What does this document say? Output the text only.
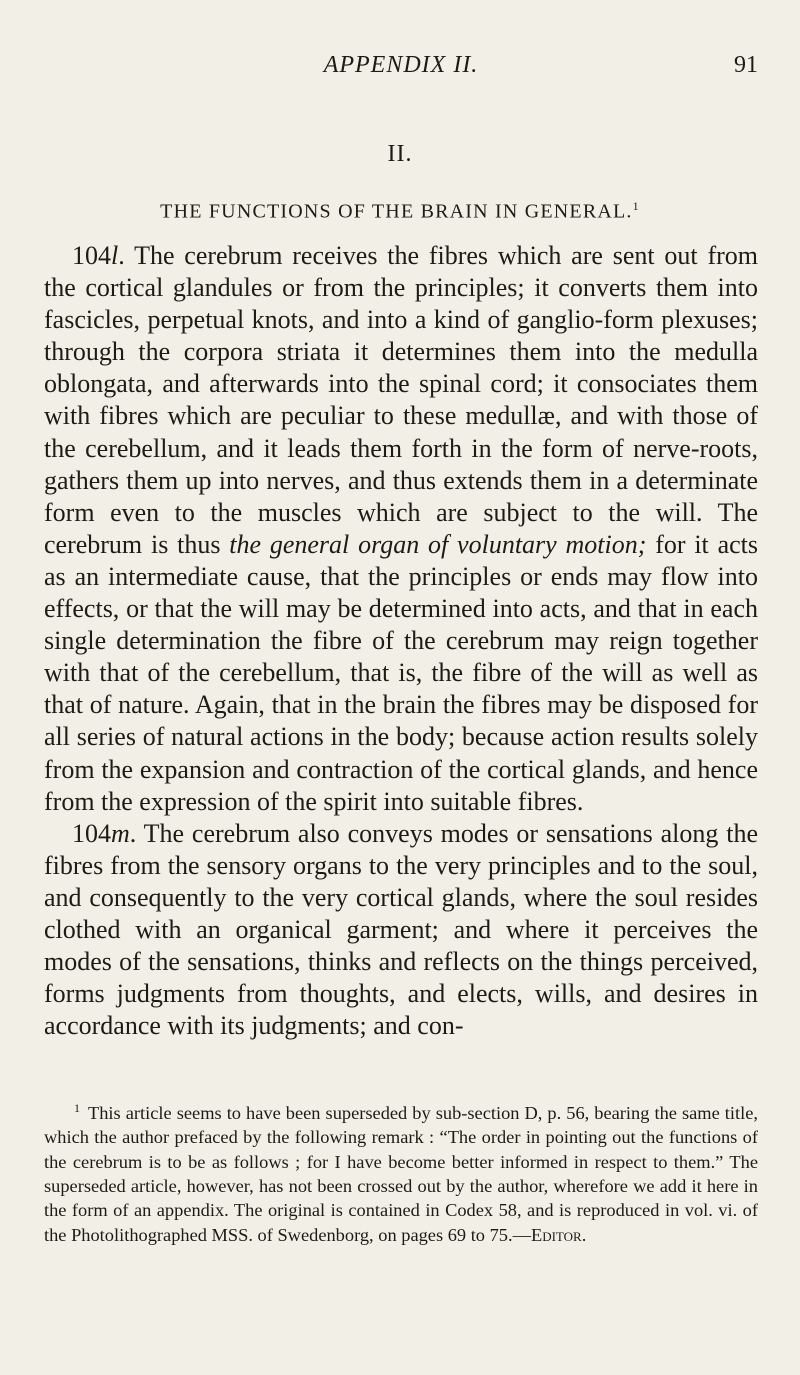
APPENDIX II.	91
II.
THE FUNCTIONS OF THE BRAIN IN GENERAL.$^1$

104l. The cerebrum receives the fibres which are sent out from the cortical glandules or from the principles; it converts them into fascicles, perpetual knots, and into a kind of ganglio-form plexuses; through the corpora striata it determines them into the medulla oblongata, and afterwards into the spinal cord; it consociates them with fibres which are peculiar to these medullæ, and with those of the cerebellum, and it leads them forth in the form of nerve-roots, gathers them up into nerves, and thus extends them in a determinate form even to the muscles which are subject to the will. The cerebrum is thus the general organ of voluntary motion; for it acts as an intermediate cause, that the principles or ends may flow into effects, or that the will may be determined into acts, and that in each single determination the fibre of the cerebrum may reign together with that of the cerebellum, that is, the fibre of the will as well as that of nature. Again, that in the brain the fibres may be disposed for all series of natural actions in the body; because action results solely from the expansion and contraction of the cortical glands, and hence from the expression of the spirit into suitable fibres.

104m. The cerebrum also conveys modes or sensations along the fibres from the sensory organs to the very principles and to the soul, and consequently to the very cortical glands, where the soul resides clothed with an organical garment; and where it perceives the modes of the sensations, thinks and reflects on the things perceived, forms judgments from thoughts, and elects, wills, and desires in accordance with its judgments; and con-

$^1$ This article seems to have been superseded by sub-section D, p. 56, bearing the same title, which the author prefaced by the following remark : “The order in pointing out the functions of the cerebrum is to be as follows ; for I have become better informed in respect to them.” The superseded article, however, has not been crossed out by the author, wherefore we add it here in the form of an appendix. The original is contained in Codex 58, and is reproduced in vol. vi. of the Photolithographed MSS. of Swedenborg, on pages 69 to 75.—Editor.
